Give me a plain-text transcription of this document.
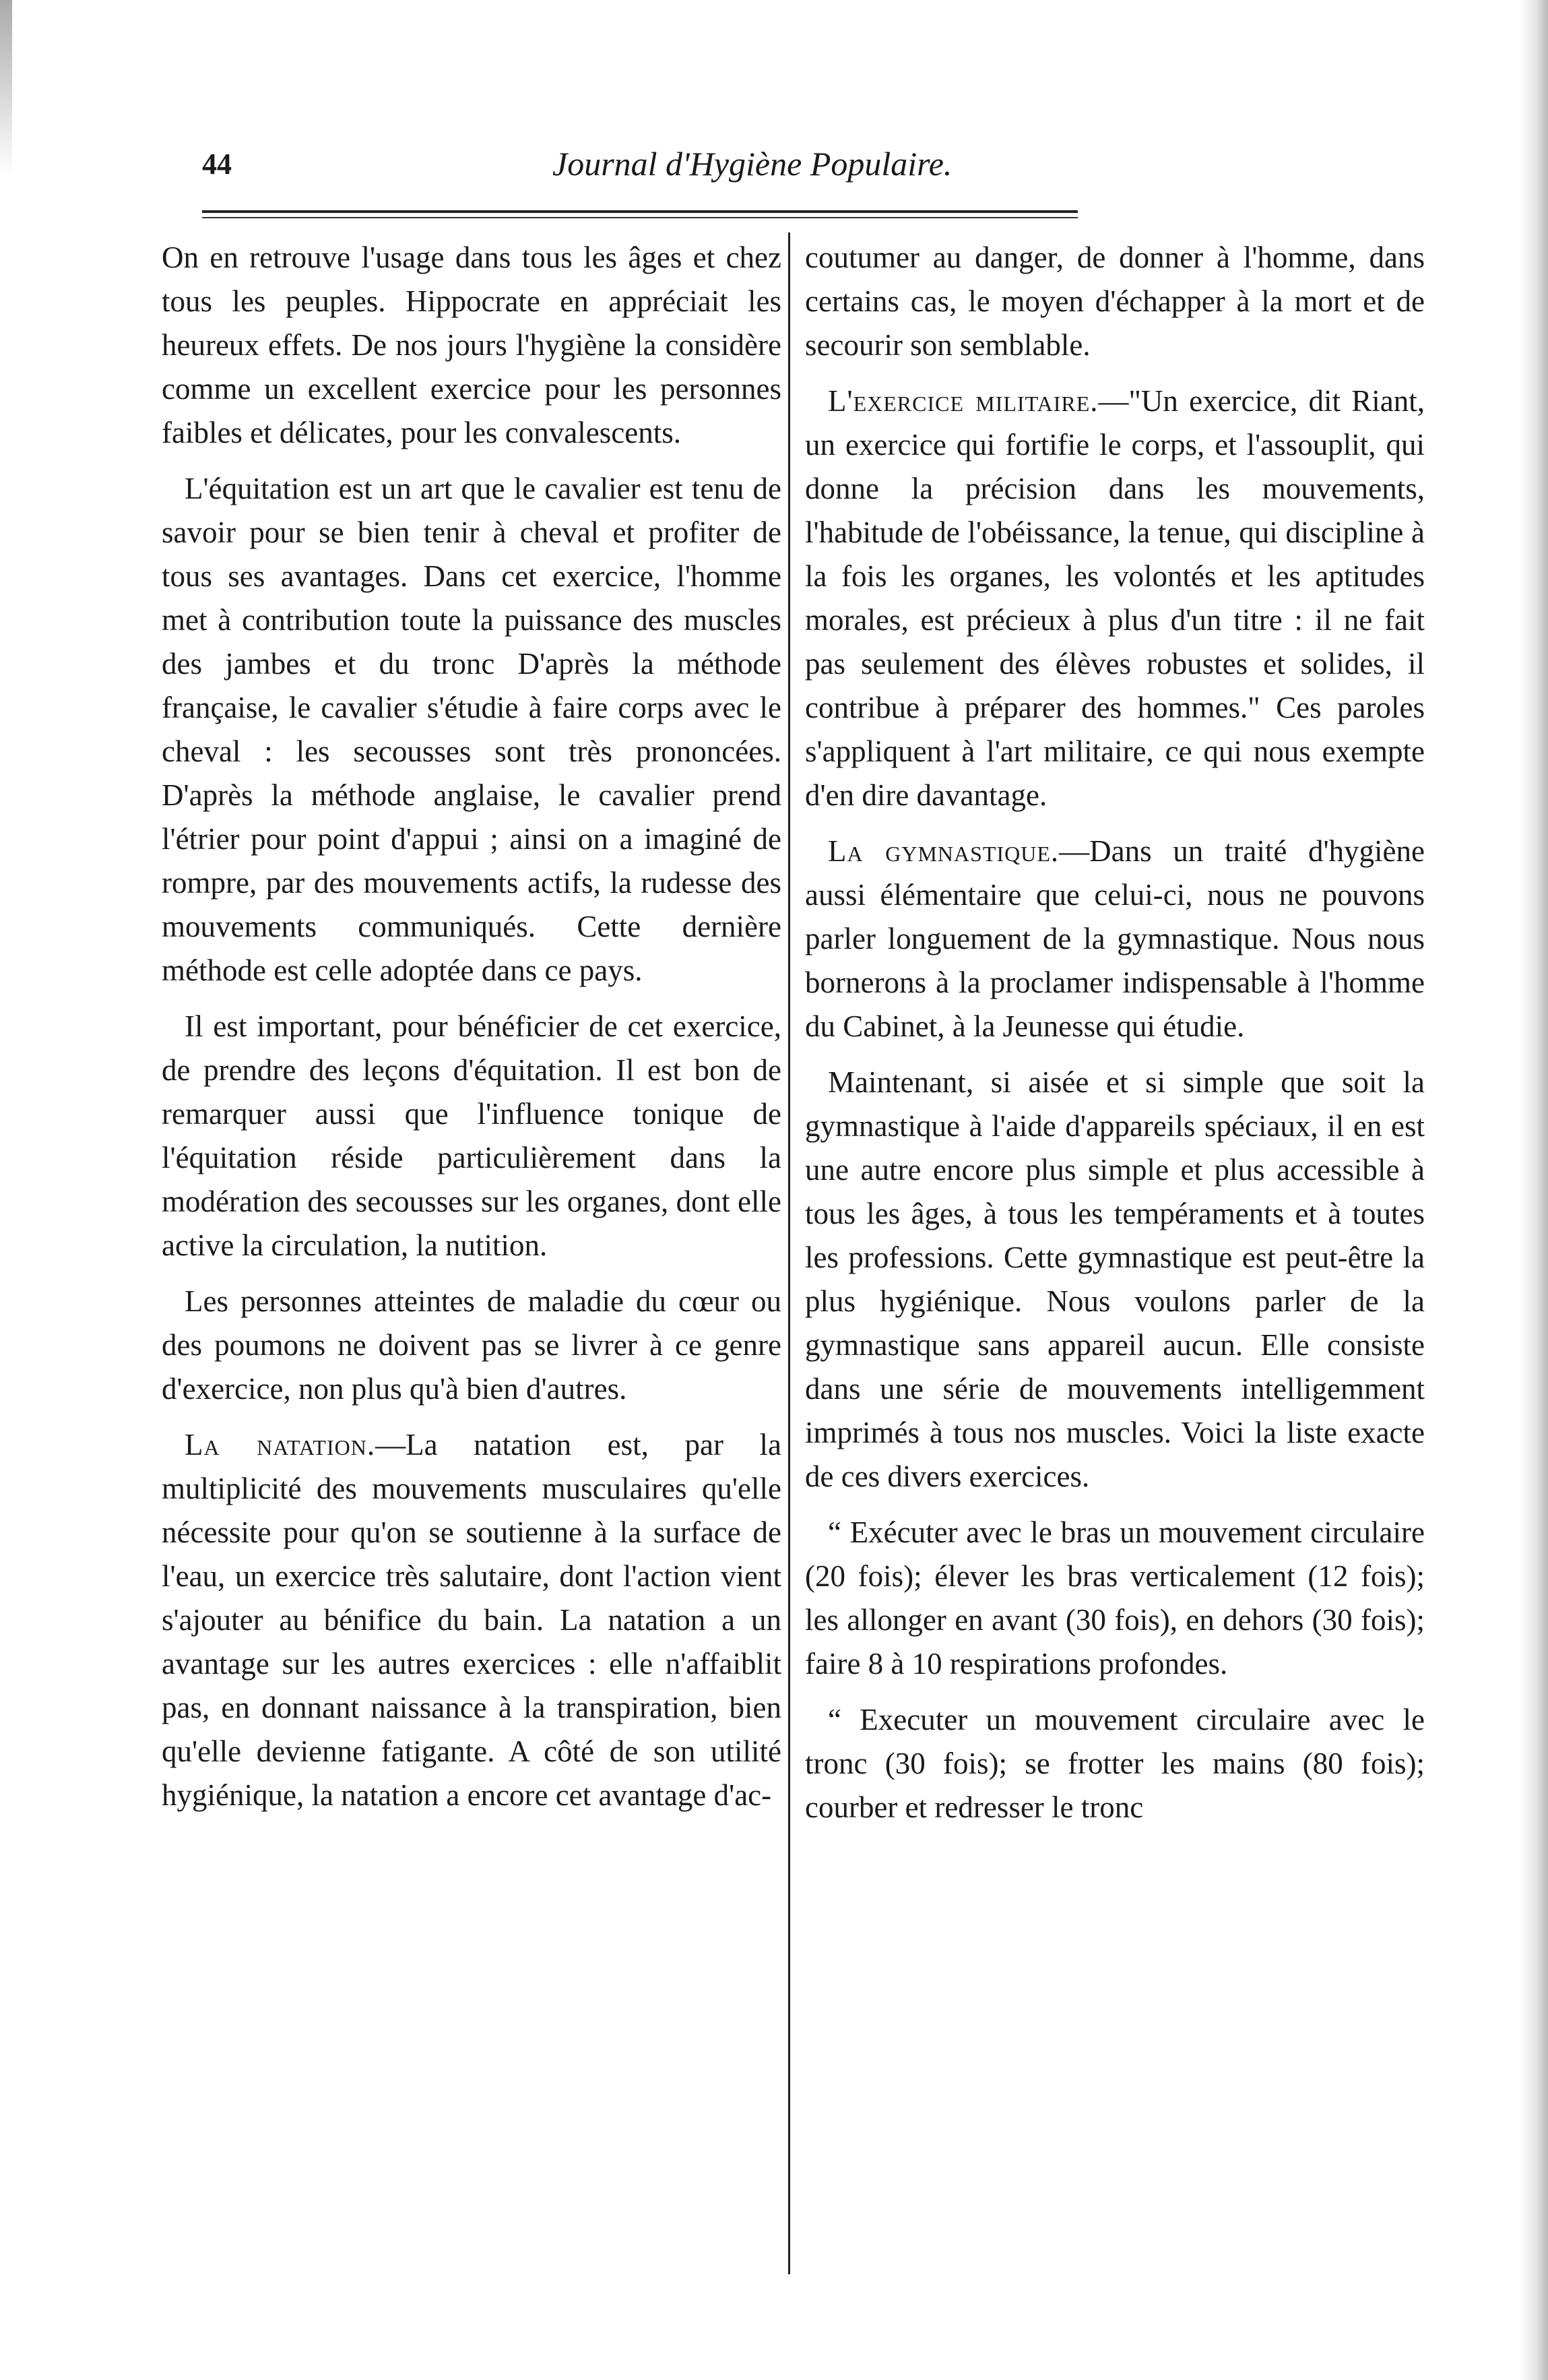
44	Journal d'Hygiène Populaire.

On en retrouve l'usage dans tous les âges et chez tous les peuples. Hippocrate en appréciait les heureux effets. De nos jours l'hygiène la considère comme un excellent exercice pour les personnes faibles et délicates, pour les convalescents.

L'équitation est un art que le cavalier est tenu de savoir pour se bien tenir à cheval et profiter de tous ses avantages. Dans cet exercice, l'homme met à contribution toute la puissance des muscles des jambes et du tronc D'après la méthode française, le cavalier s'étudie à faire corps avec le cheval : les secousses sont très prononcées. D'après la méthode anglaise, le cavalier prend l'étrier pour point d'appui ; ainsi on a imaginé de rompre, par des mouvements actifs, la rudesse des mouvements communiqués. Cette dernière méthode est celle adoptée dans ce pays.

Il est important, pour bénéficier de cet exercice, de prendre des leçons d'équitation. Il est bon de remarquer aussi que l'influence tonique de l'équitation réside particulièrement dans la modération des secousses sur les organes, dont elle active la circulation, la nutition.

Les personnes atteintes de maladie du cœur ou des poumons ne doivent pas se livrer à ce genre d'exercice, non plus qu'à bien d'autres.

La natation.—La natation est, par la multiplicité des mouvements musculaires qu'elle nécessite pour qu'on se soutienne à la surface de l'eau, un exercice très salutaire, dont l'action vient s'ajouter au bénifice du bain. La natation a un avantage sur les autres exercices : elle n'affaiblit pas, en donnant naissance à la transpiration, bien qu'elle devienne fatigante. A côté de son utilité hygiénique, la natation a encore cet avantage d'ac-

coutumer au danger, de donner à l'homme, dans certains cas, le moyen d'échapper à la mort et de secourir son semblable.

L'exercice militaire.—"Un exercice, dit Riant, un exercice qui fortifie le corps, et l'assouplit, qui donne la précision dans les mouvements, l'habitude de l'obéissance, la tenue, qui discipline à la fois les organes, les volontés et les aptitudes morales, est précieux à plus d'un titre : il ne fait pas seulement des élèves robustes et solides, il contribue à préparer des hommes." Ces paroles s'appliquent à l'art militaire, ce qui nous exempte d'en dire davantage.

La gymnastique.—Dans un traité d'hygiène aussi élémentaire que celui-ci, nous ne pouvons parler longuement de la gymnastique. Nous nous bornerons à la proclamer indispensable à l'homme du Cabinet, à la Jeunesse qui étudie.

Maintenant, si aisée et si simple que soit la gymnastique à l'aide d'appareils spéciaux, il en est une autre encore plus simple et plus accessible à tous les âges, à tous les tempéraments et à toutes les professions. Cette gymnastique est peut-être la plus hygiénique. Nous voulons parler de la gymnastique sans appareil aucun. Elle consiste dans une série de mouvements intelligemment imprimés à tous nos muscles. Voici la liste exacte de ces divers exercices.

“ Exécuter avec le bras un mouvement circulaire (20 fois); élever les bras verticalement (12 fois); les allonger en avant (30 fois), en dehors (30 fois); faire 8 à 10 respirations profondes.

“ Executer un mouvement circulaire avec le tronc (30 fois); se frotter les mains (80 fois); courber et redresser le tronc
